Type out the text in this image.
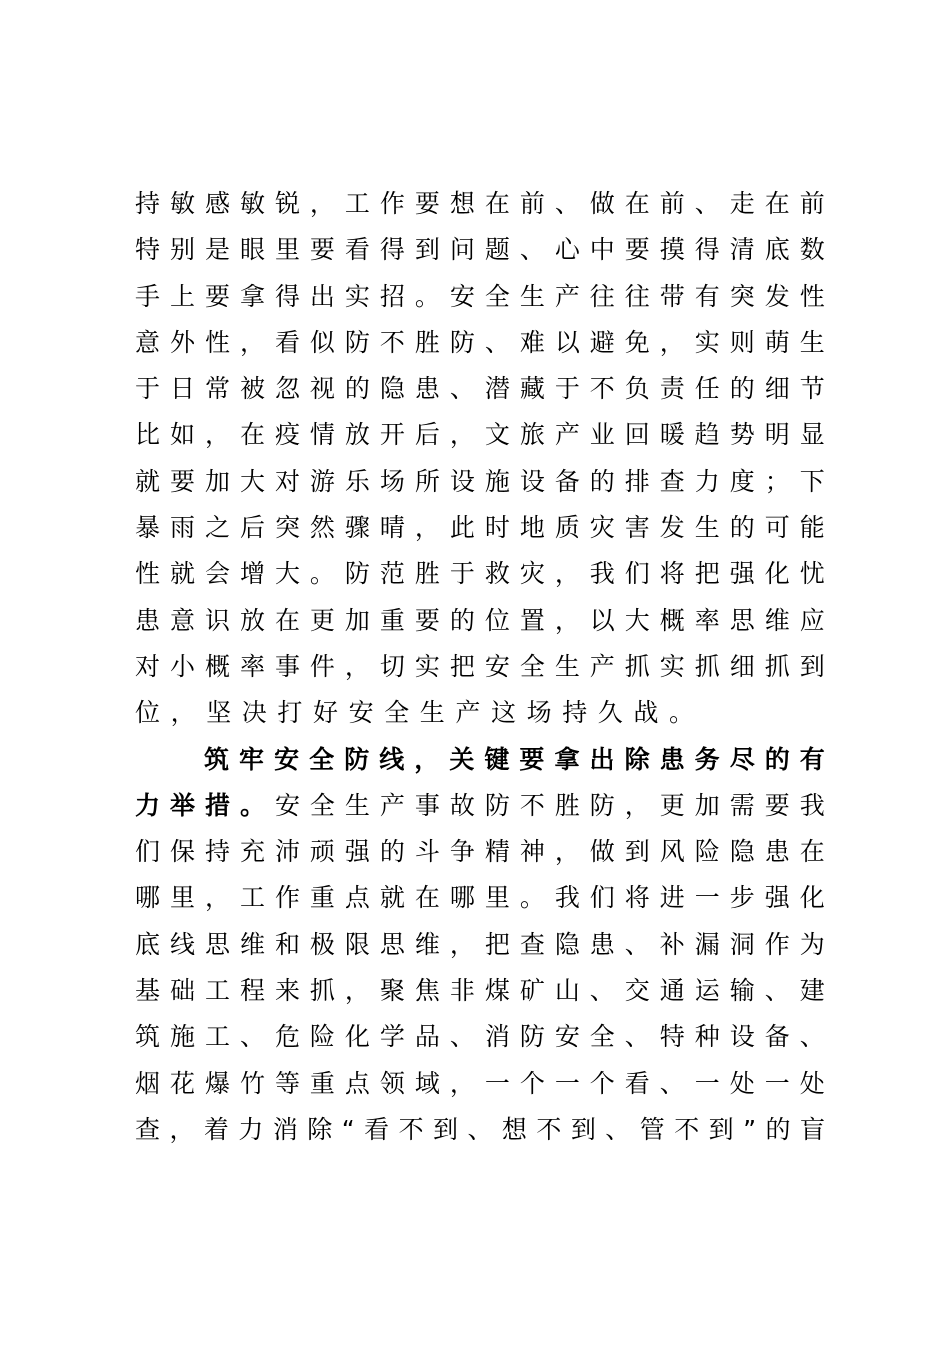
持敏感敏锐，工作要想在前、做在前、走在前
特别是眼里要看得到问题、心中要摸得清底数
手上要拿得出实招。安全生产往往带有突发性
意外性，看似防不胜防、难以避免，实则萌生
于日常被忽视的隐患、潜藏于不负责任的细节
比如，在疫情放开后，文旅产业回暖趋势明显
就要加大对游乐场所设施设备的排查力度；下
暴雨之后突然骤晴，此时地质灾害发生的可能
性就会增大。防范胜于救灾，我们将把强化忧
患意识放在更加重要的位置，以大概率思维应
对小概率事件，切实把安全生产抓实抓细抓到
位，坚决打好安全生产这场持久战。
筑牢安全防线，关键要拿出除患务尽的有
力举措。安全生产事故防不胜防，更加需要我
们保持充沛顽强的斗争精神，做到风险隐患在
哪里，工作重点就在哪里。我们将进一步强化
底线思维和极限思维，把查隐患、补漏洞作为
基础工程来抓，聚焦非煤矿山、交通运输、建
筑施工、危险化学品、消防安全、特种设备、
烟花爆竹等重点领域，一个一个看、一处一处
查，着力消除“看不到、想不到、管不到”的盲
